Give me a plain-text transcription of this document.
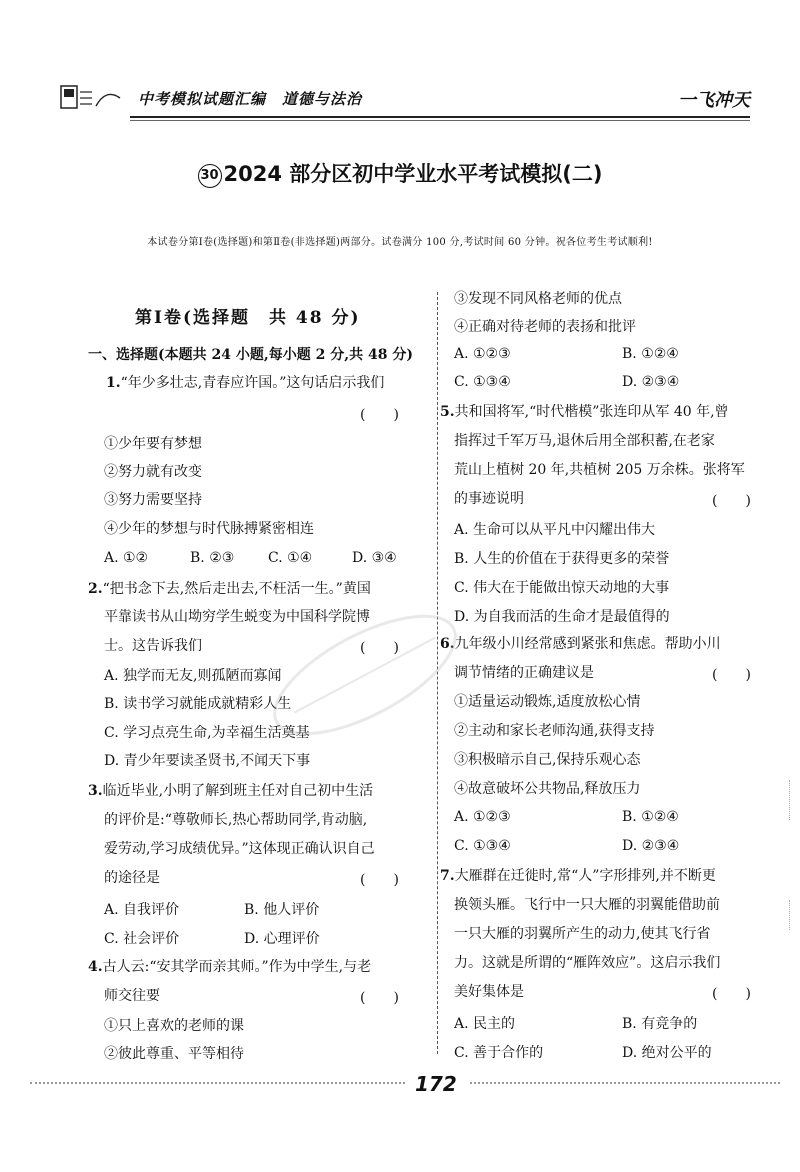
中考模拟试题汇编　道德与法治	一飞冲天
30 2024 部分区初中学业水平考试模拟(二)
本试卷分第Ⅰ卷(选择题)和第Ⅱ卷(非选择题)两部分。试卷满分 100 分,考试时间 60 分钟。祝各位考生考试顺利!
第Ⅰ卷(选择题　共 48 分)
一、选择题(本题共 24 小题,每小题 2 分,共 48 分)
1.“年少多壮志,青春应许国。”这句话启示我们
(　　)
①少年要有梦想
②努力就有改变
③努力需要坚持
④少年的梦想与时代脉搏紧密相连
A. ①②	B. ②③ C. ①④	D. ③④
2.“把书念下去,然后走出去,不枉活一生。”黄国
平靠读书从山坳穷学生蜕变为中国科学院博
士。这告诉我们	(　　)
A. 独学而无友,则孤陋而寡闻
B. 读书学习就能成就精彩人生
C. 学习点亮生命,为幸福生活奠基
D. 青少年要读圣贤书,不闻天下事
3.临近毕业,小明了解到班主任对自己初中生活
的评价是:“尊敬师长,热心帮助同学,肯动脑,
爱劳动,学习成绩优异。”这体现正确认识自己
的途径是	(　　)
A. 自我评价	B. 他人评价
C. 社会评价	D. 心理评价
4.古人云:“安其学而亲其师。”作为中学生,与老
师交往要	(　　)
①只上喜欢的老师的课
②彼此尊重、平等相待
③发现不同风格老师的优点
④正确对待老师的表扬和批评
A. ①②③	B. ①②④
C. ①③④	D. ②③④
5.共和国将军,“时代楷模”张连印从军 40 年,曾
指挥过千军万马,退休后用全部积蓄,在老家
荒山上植树 20 年,共植树 205 万余株。张将军
的事迹说明	(　　)
A. 生命可以从平凡中闪耀出伟大
B. 人生的价值在于获得更多的荣誉
C. 伟大在于能做出惊天动地的大事
D. 为自我而活的生命才是最值得的
6.九年级小川经常感到紧张和焦虑。帮助小川
调节情绪的正确建议是	(　　)
①适量运动锻炼,适度放松心情
②主动和家长老师沟通,获得支持
③积极暗示自己,保持乐观心态
④故意破坏公共物品,释放压力
A. ①②③	B. ①②④
C. ①③④	D. ②③④
7.大雁群在迁徙时,常“人”字形排列,并不断更
换领头雁。飞行中一只大雁的羽翼能借助前
一只大雁的羽翼所产生的动力,使其飞行省
力。这就是所谓的“雁阵效应”。这启示我们
美好集体是	(　　)
A. 民主的	B. 有竞争的
C. 善于合作的	D. 绝对公平的
172
